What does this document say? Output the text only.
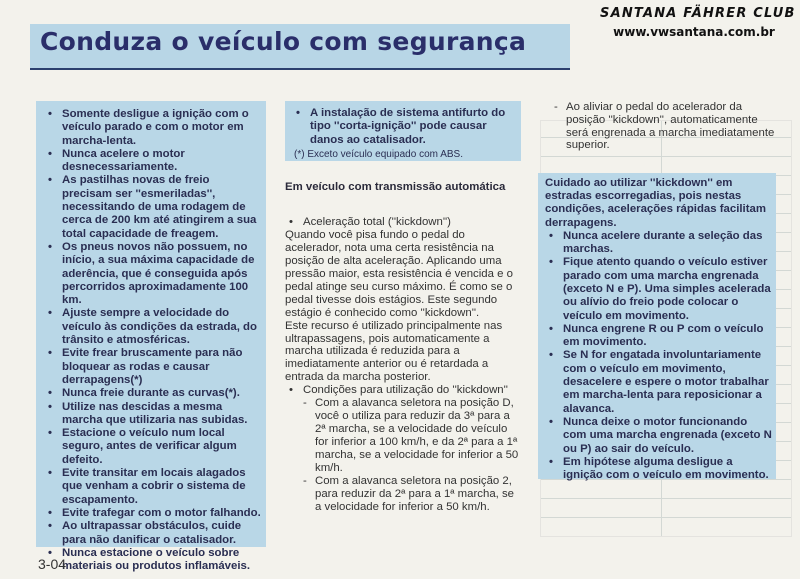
Conduza o veículo com segurança
SANTANA FÄHRER CLUB
www.vwsantana.com.br
• Somente desligue a ignição com o veículo parado e com o motor em marcha-lenta.
• Nunca acelere o motor desnecessariamente.
• As pastilhas novas de freio precisam ser ''esmeriladas'', necessitando de uma rodagem de cerca de 200 km até atingirem a sua total capacidade de freagem.
• Os pneus novos não possuem, no início, a sua máxima capacidade de aderência, que é conseguida após percorridos aproximadamente 100 km.
• Ajuste sempre a velocidade do veículo às condições da estrada, do trânsito e atmosféricas.
• Evite frear bruscamente para não bloquear as rodas e causar derrapagens(*)
• Nunca freie durante as curvas(*).
• Utilize nas descidas a mesma marcha que utilizaria nas subidas.
• Estacione o veículo num local seguro, antes de verificar algum defeito.
• Evite transitar em locais alagados que venham a cobrir o sistema de escapamento.
• Evite trafegar com o motor falhando.
• Ao ultrapassar obstáculos, cuide para não danificar o catalisador.
• Nunca estacione o veículo sobre materiais ou produtos inflamáveis.
• A instalação de sistema antifurto do tipo ''corta-ignição'' pode causar danos ao catalisador.
(*) Exceto veículo equipado com ABS.
Em veículo com transmissão automática
• Aceleração total (''kickdown'')

Quando você pisa fundo o pedal do acelerador, nota uma certa resistência na posição de alta aceleração. Aplicando uma pressão maior, esta resistência é vencida e o pedal atinge seu curso máximo. É como se o pedal tivesse dois estágios. Este segundo estágio é conhecido como ''kickdown''.

Este recurso é utilizado principalmente nas ultrapassagens, pois automaticamente a marcha utilizada é reduzida para a imediatamente anterior ou é retardada a entrada da marcha posterior.

• Condições para utilização do ''kickdown''
- Com a alavanca seletora na posição D, você o utiliza para reduzir da 3ª para a 2ª marcha, se a velocidade do veículo for inferior a 100 km/h, e da 2ª para a 1ª marcha, se a velocidade for inferior a 50 km/h.
- Com a alavanca seletora na posição 2, para reduzir da 2ª para a 1ª marcha, se a velocidade for inferior a 50 km/h.
- Ao aliviar o pedal do acelerador da posição ''kickdown'', automaticamente será engrenada a marcha imediatamente superior.

Cuidado ao utilizar ''kickdown'' em estradas escorregadias, pois nestas condições, acelerações rápidas facilitam derrapagens.

• Nunca acelere durante a seleção das marchas.
• Fique atento quando o veículo estiver parado com uma marcha engrenada (exceto N e P). Uma simples acelerada ou alívio do freio pode colocar o veículo em movimento.
• Nunca engrene R ou P com o veículo em movimento.
• Se N for engatada involuntariamente com o veículo em movimento, desacelere e espere o motor trabalhar em marcha-lenta para reposicionar a alavanca.
• Nunca deixe o motor funcionando com uma marcha engrenada (exceto N ou P) ao sair do veículo.
• Em hipótese alguma desligue a ignição com o veículo em movimento.
3-04
